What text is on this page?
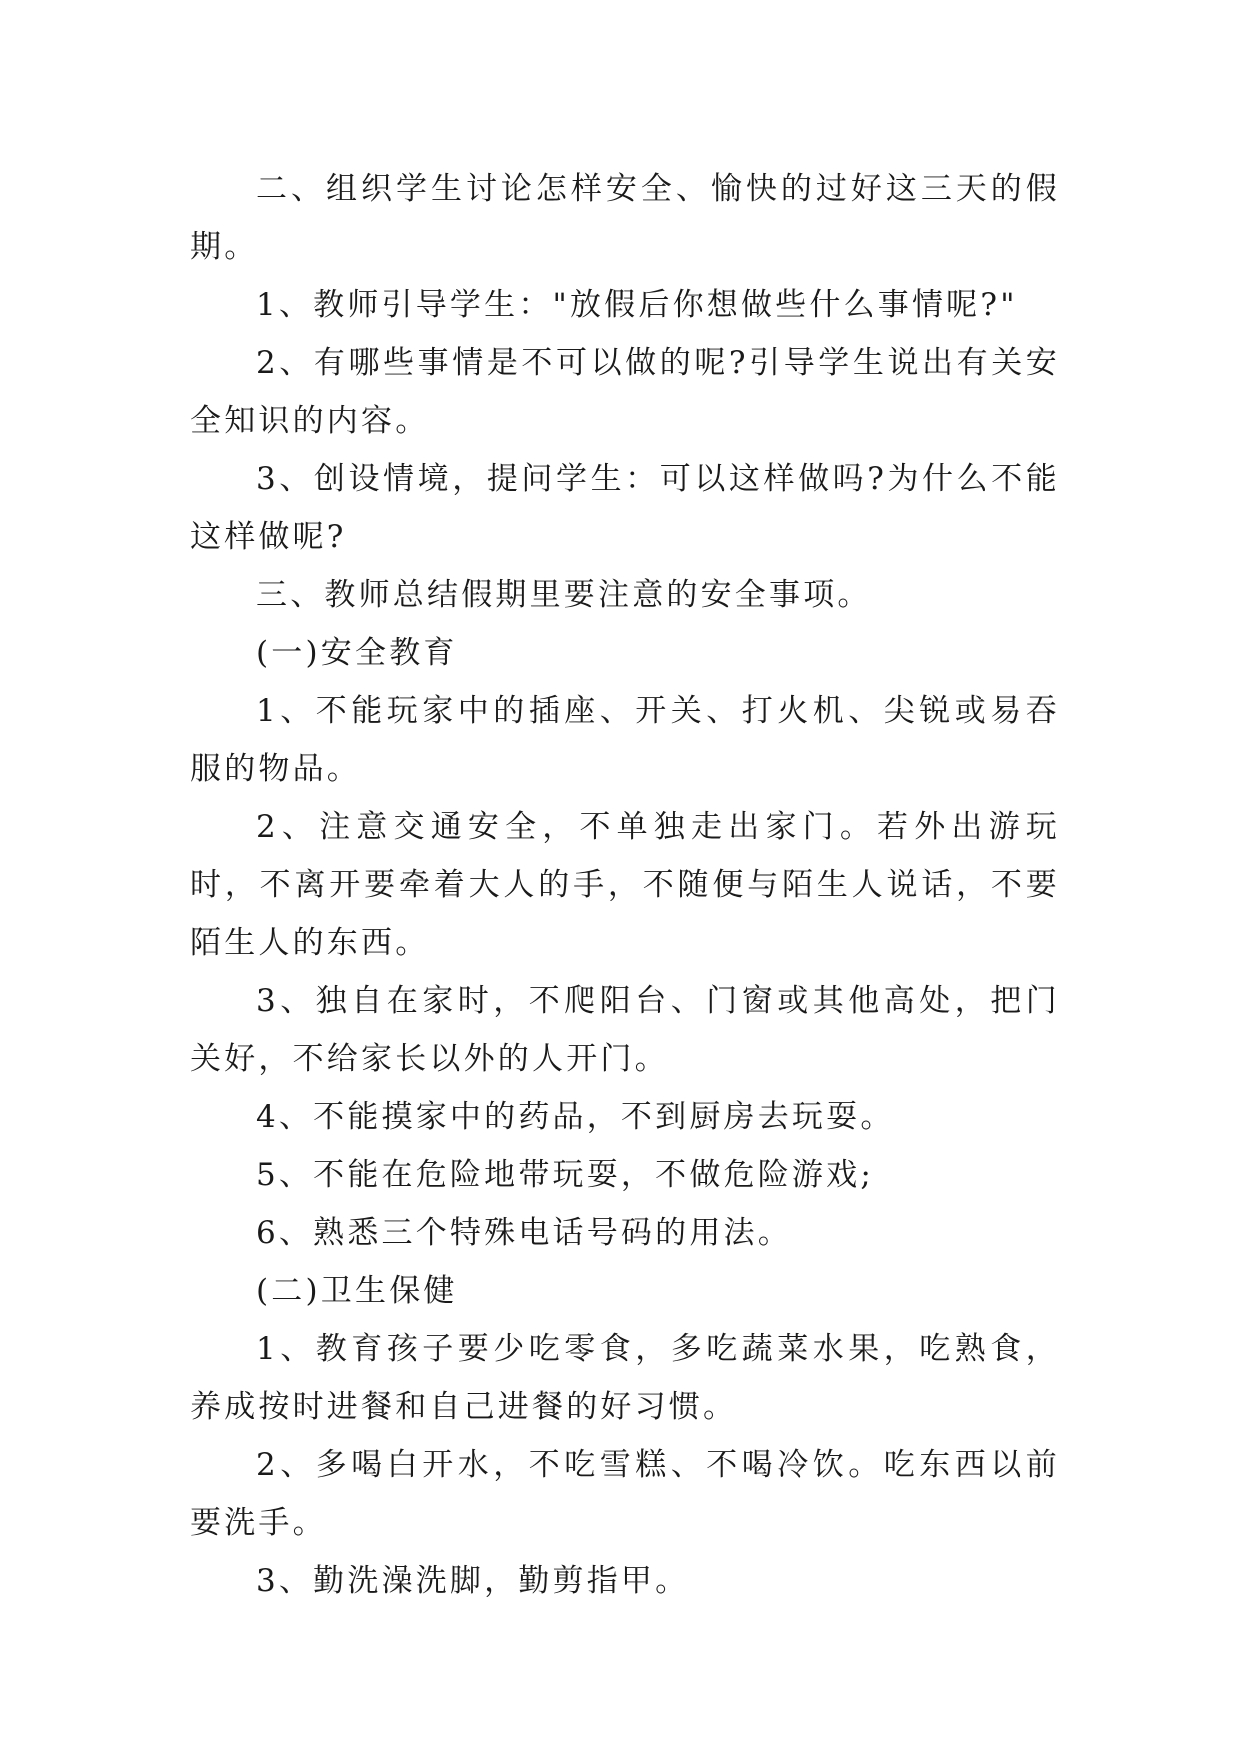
二、组织学生讨论怎样安全、愉快的过好这三天的假期。

1、教师引导学生："放假后你想做些什么事情呢?"

2、有哪些事情是不可以做的呢?引导学生说出有关安全知识的内容。

3、创设情境，提问学生：可以这样做吗?为什么不能这样做呢?

三、教师总结假期里要注意的安全事项。

(一)安全教育

1、不能玩家中的插座、开关、打火机、尖锐或易吞服的物品。

2、注意交通安全，不单独走出家门。若外出游玩时，不离开要牵着大人的手，不随便与陌生人说话，不要陌生人的东西。

3、独自在家时，不爬阳台、门窗或其他高处，把门关好，不给家长以外的人开门。

4、不能摸家中的药品，不到厨房去玩耍。

5、不能在危险地带玩耍，不做危险游戏;

6、熟悉三个特殊电话号码的用法。

(二)卫生保健

1、教育孩子要少吃零食，多吃蔬菜水果，吃熟食，养成按时进餐和自己进餐的好习惯。

2、多喝白开水，不吃雪糕、不喝冷饮。吃东西以前要洗手。

3、勤洗澡洗脚，勤剪指甲。
